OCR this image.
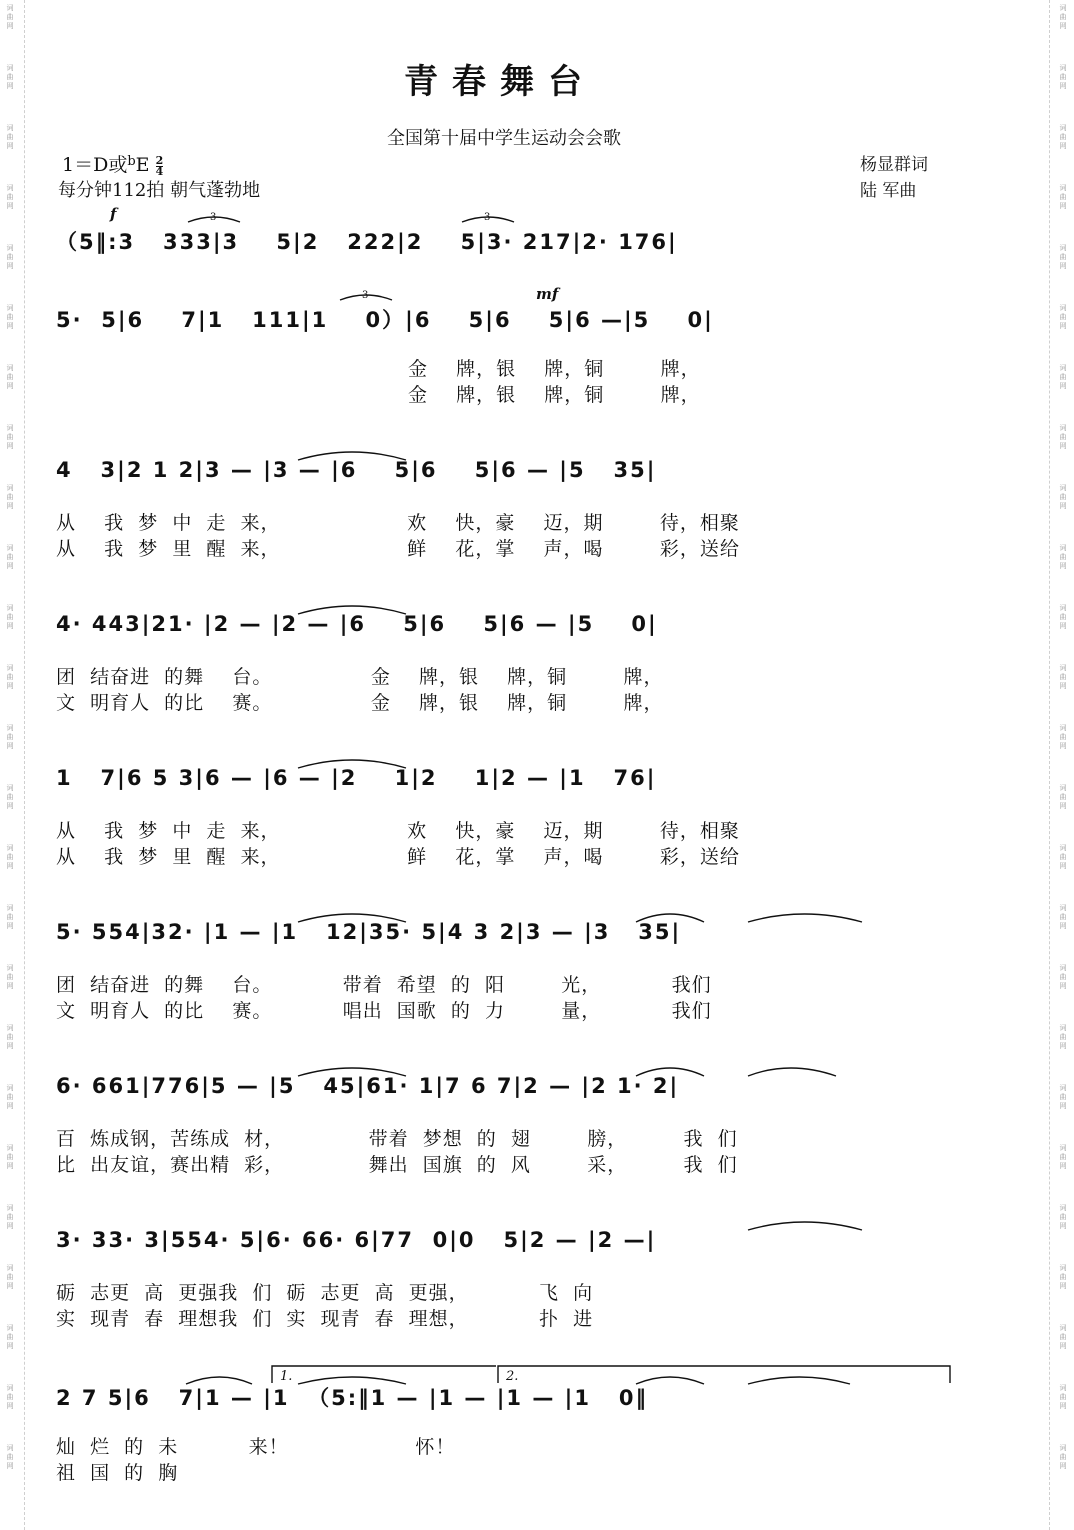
词
曲
网
词
曲
网
词
曲
网
词
曲
网
词
曲
网
词
曲
网
词
曲
网
词
曲
网
词
曲
网
词
曲
网
词
曲
网
词
曲
网
词
曲
网
词
曲
网
词
曲
网
词
曲
网
词
曲
网
词
曲
网
词
曲
网
词
曲
网
词
曲
网
词
曲
网
词
曲
网
词
曲
网
词
曲
网
词
曲
网
词
曲
网
词
曲
网
词
曲
网
词
曲
网
词
曲
网
词
曲
网
词
曲
网
词
曲
网
词
曲
网
词
曲
网
词
曲
网
词
曲
网
词
曲
网
词
曲
网
词
曲
网
词
曲
网
词
曲
网
词
曲
网
词
曲
网
词
曲
网
词
曲
网
词
曲
网
词
曲
网
词
曲
网
青春舞台
全国第十届中学生运动会会歌
1＝D或$^bE \frac{2}{4}$
每分钟112拍 朝气蓬勃地
杨显群词
陆 军曲
f
mf
（5‖:3   333|3    5|2   222|2    5|3· 217|2· 176|
5·  5|6    7|1   111|1    0）|6    5|6    5|6 —|5    0|
金    牌，银    牌，铜        牌，
金    牌，银    牌，铜        牌，
4   3|2 1 2|3 — |3 — |6    5|6    5|6 — |5   35|
从    我  梦  中  走  来，                  欢    快，豪    迈，期        待，相聚
从    我  梦  里  醒  来，                  鲜    花，掌    声，喝        彩，送给
4· 443|21· |2 — |2 — |6    5|6    5|6 — |5    0|
团  结奋进  的舞    台。              金    牌，银    牌，铜        牌，
文  明育人  的比    赛。              金    牌，银    牌，铜        牌，
1   7|6 5 3|6 — |6 — |2    1|2    1|2 — |1   76|
从    我  梦  中  走  来，                  欢    快，豪    迈，期        待，相聚
从    我  梦  里  醒  来，                  鲜    花，掌    声，喝        彩，送给
5· 554|32· |1 — |1   12|35· 5|4 3 2|3 — |3   35|
团  结奋进  的舞    台。          带着  希望  的  阳        光，          我们
文  明育人  的比    赛。          唱出  国歌  的  力        量，          我们
6· 661|776|5 — |5   45|61· 1|7 6 7|2 — |2 1· 2|
百  炼成钢，苦练成  材，            带着  梦想  的  翅        膀，        我  们
比  出友谊，赛出精  彩，            舞出  国旗  的  风        采，        我  们
3· 33· 3|554· 5|6· 66· 6|77  0|0   5|2 — |2 —|
砺  志更  高  更强我  们  砺  志更  高  更强，          飞  向
实  现青  春  理想我  们  实  现青  春  理想，          扑  进
2 7 5|6   7|1 — |1  （5:‖1 — |1 — |1 — |1   0‖
灿  烂  的  未          来！                  怀！
祖  国  的  胸
3	3
3
1.	2.
